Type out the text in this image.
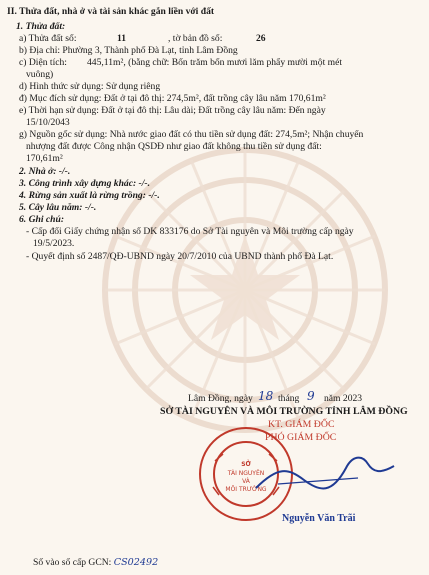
II. Thửa đất, nhà ở và tài sản khác gắn liền với đất
1. Thửa đất:
a) Thửa đất số:	11	, tờ bản đồ số:	26
b) Địa chỉ: Phường 3, Thành phố Đà Lạt, tỉnh Lâm Đồng
c) Diện tích: 445,11m², (bằng chữ: Bốn trăm bốn mươi lăm phẩy mười một mét
vuông)
d) Hình thức sử dụng: Sử dụng riêng
đ) Mục đích sử dụng: Đất ở tại đô thị: 274,5m², đất trồng cây lâu năm 170,61m²
e) Thời hạn sử dụng: Đất ở tại đô thị: Lâu dài; Đất trồng cây lâu năm: Đến ngày
15/10/2043
g) Nguồn gốc sử dụng: Nhà nước giao đất có thu tiền sử dụng đất: 274,5m²; Nhận chuyển
nhượng đất được Công nhận QSDĐ như giao đất không thu tiền sử dụng đất:
170,61m²
2. Nhà ở: -/-.
3. Công trình xây dựng khác: -/-.
4. Rừng sản xuất là rừng trồng: -/-.
5. Cây lâu năm: -/-.
6. Ghi chú:
- Cấp đổi Giấy chứng nhận số DK 833176 do Sở Tài nguyên và Môi trường cấp ngày
19/5/2023.
- Quyết định số 2487/QĐ-UBND ngày 20/7/2010 của UBND thành phố Đà Lạt.
Lâm Đồng, ngày 18 tháng 9 năm 2023
SỞ TÀI NGUYÊN VÀ MÔI TRƯỜNG TỈNH LÂM ĐỒNG
KT. GIÁM ĐỐC
PHÓ GIÁM ĐỐC
SỞ
TÀI NGUYÊN
VÀ
MÔI TRƯỜNG
Nguyễn Văn Trãi
Số vào sổ cấp GCN: CS02492
